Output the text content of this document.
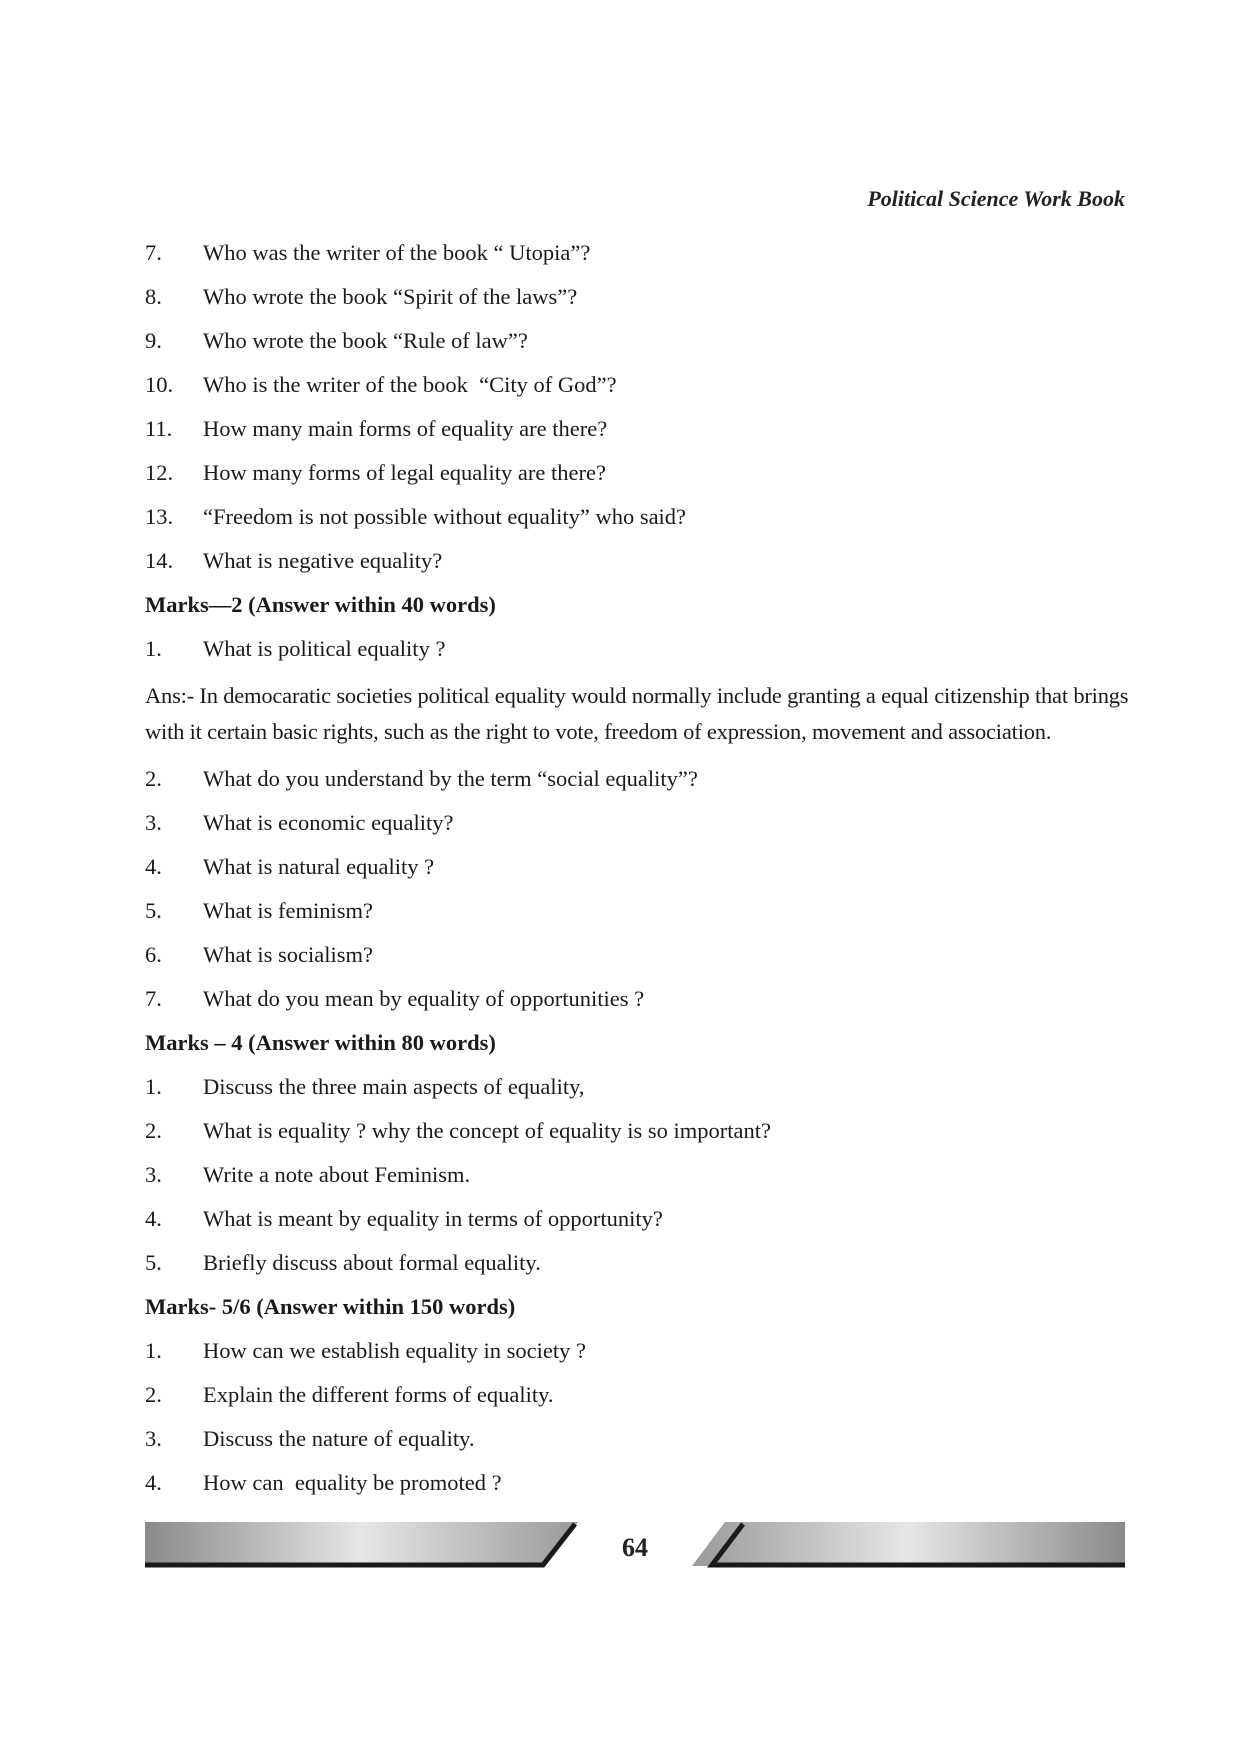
Political Science Work Book
7.	Who was the writer of the book “ Utopia”?
8.	Who wrote the book “Spirit of the laws”?
9.	Who wrote the book “Rule of law”?
10.	Who is the writer of the book  “City of God”?
11.	How many main forms of equality are there?
12.	How many forms of legal equality are there?
13.	“Freedom is not possible without equality” who said?
14.	What is negative equality?
Marks—2 (Answer within 40 words)
1.	What is political equality ?
Ans:- In democaratic societies political equality would normally include granting a equal citizenship that brings with it certain basic rights, such as the right to vote, freedom of expression, movement and association.
2.	What do you understand by the term “social equality”?
3.	What is economic equality?
4.	What is natural equality ?
5.	What is feminism?
6.	What is socialism?
7.	What do you mean by equality of opportunities ?
Marks – 4 (Answer within 80 words)
1.	Discuss the three main aspects of equality,
2.	What is equality ? why the concept of equality is so important?
3.	Write a note about Feminism.
4.	What is meant by equality in terms of opportunity?
5.	Briefly discuss about formal equality.
Marks- 5/6 (Answer within 150 words)
1.	How can we establish equality in society ?
2.	Explain the different forms of equality.
3.	Discuss the nature of equality.
4.	How can  equality be promoted ?
64
